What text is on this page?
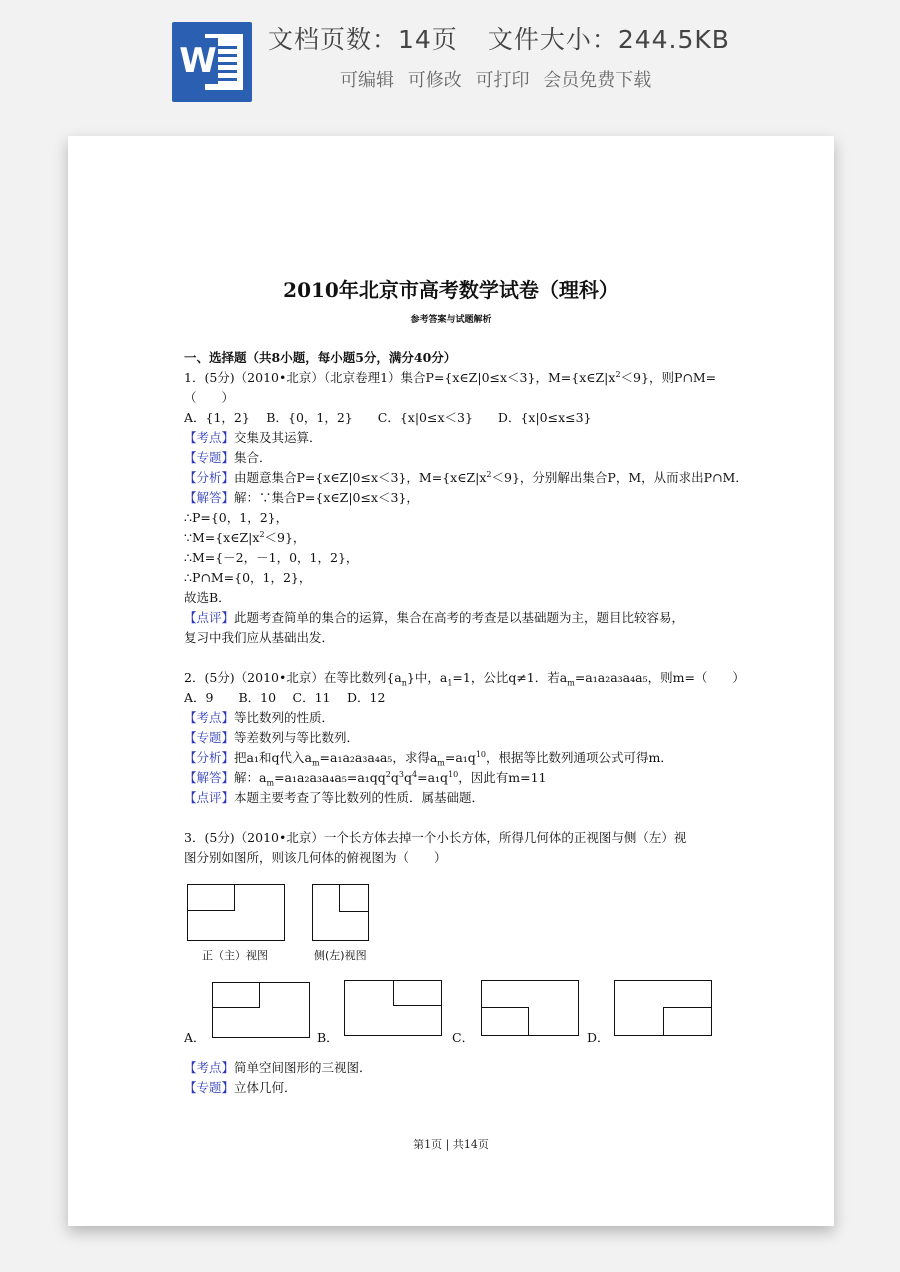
W
文档页数：14页 文件大小：244.5KB
可编辑 可修改 可打印 会员免费下载
2010年北京市高考数学试卷（理科）
参考答案与试题解析
一、选择题（共8小题，每小题5分，满分40分）
1．(5分)（2010•北京）（北京卷理1）集合P={x∈Z|0≤x＜3}，$M=\{x\in Z|x^2<9\}$，则P∩M=
（　　）
A．{1，2}　 B．{0，1，2}　　C．{x|0≤x＜3}　　D．{x|0≤x≤3}
【考点】交集及其运算．
【专题】集合．
【分析】由题意集合P={x∈Z|0≤x＜3}，$M=\{x\in Z|x^2<9\}$，分别解出集合P，M，从而求出P∩M．
【解答】解：∵集合P={x∈Z|0≤x＜3}，
∴P={0，1，2}，
$\because M=\{x\in Z|x^2<9\}$，
∴M={－2，－1，0，1，2}，
∴P∩M={0，1，2}，
故选B．
【点评】此题考查简单的集合的运算，集合在高考的考查是以基础题为主，题目比较容易，
复习中我们应从基础出发．
2．(5分)（2010•北京）在等比数列$\{a_n\}$中，$a_1=1$，公比q≠1．若$a_m=a_1a_2a_3a_4a_5$，则m=（　　）
A．9　　B．10　 C．11　 D．12
【考点】等比数列的性质．
【专题】等差数列与等比数列．
【分析】把a₁和q代入$a_m=a_1a_2a_3a_4a_5$，求得$a_m=a_1q^{10}$，根据等比数列通项公式可得m．
【解答】解：$a_m=a_1a_2a_3a_4a_5=a_1qq^2q^3q^4=a_1q^{10}$，因此有m=11
【点评】本题主要考查了等比数列的性质．属基础题．
3．(5分)（2010•北京）一个长方体去掉一个小长方体，所得几何体的正视图与侧（左）视
图分别如图所，则该几何体的俯视图为（　　）
正（主）视图	侧(左)视图
A．	B．	C．	D．
【考点】简单空间图形的三视图．
【专题】立体几何．
第1页 | 共14页
